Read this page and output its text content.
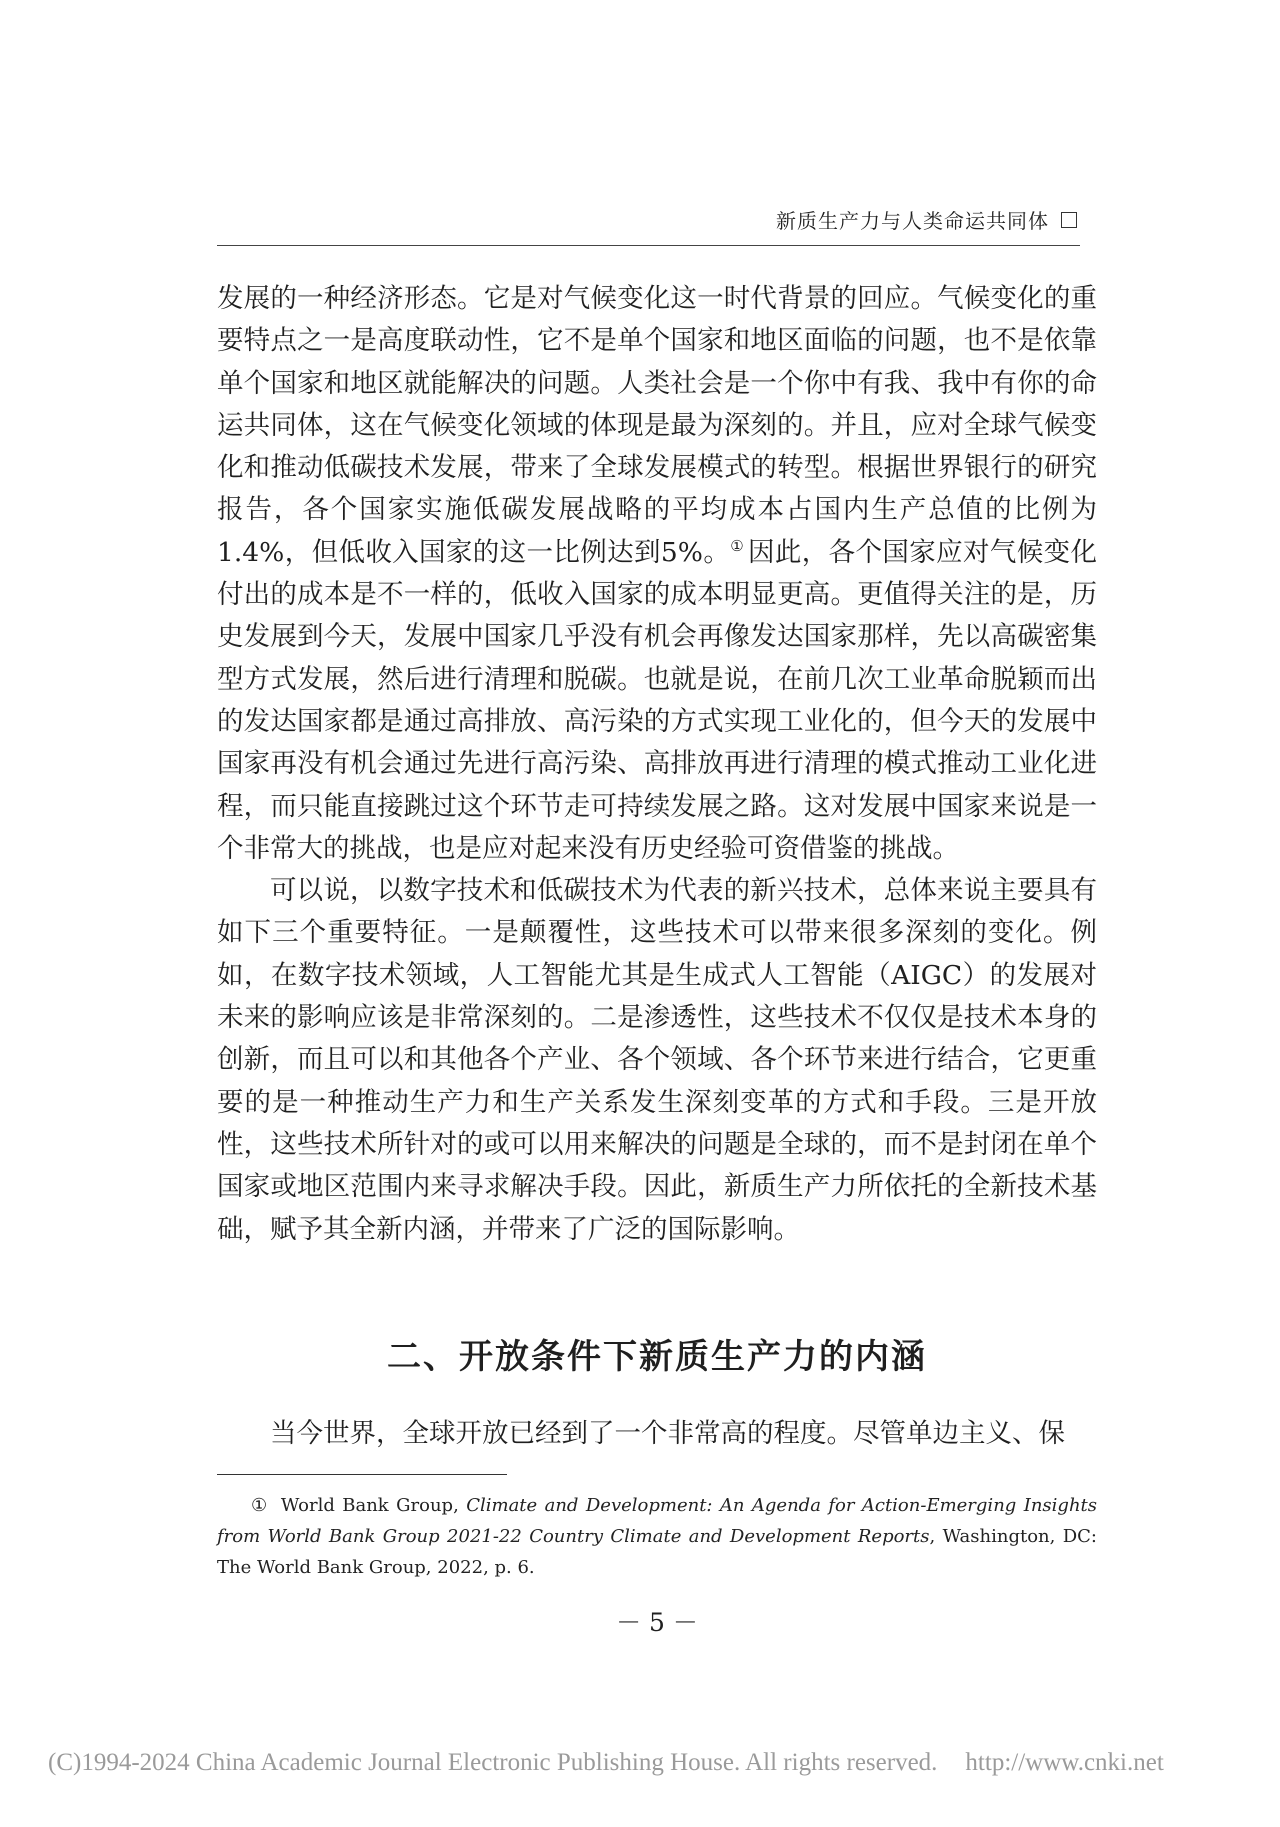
新质生产力与人类命运共同体

发展的一种经济形态。它是对气候变化这一时代背景的回应。气候变化的重要特点之一是高度联动性，它不是单个国家和地区面临的问题，也不是依靠单个国家和地区就能解决的问题。人类社会是一个你中有我、我中有你的命运共同体，这在气候变化领域的体现是最为深刻的。并且，应对全球气候变化和推动低碳技术发展，带来了全球发展模式的转型。根据世界银行的研究报告，各个国家实施低碳发展战略的平均成本占国内生产总值的比例为1.4%，但低收入国家的这一比例达到5%。① 因此，各个国家应对气候变化付出的成本是不一样的，低收入国家的成本明显更高。更值得关注的是，历史发展到今天，发展中国家几乎没有机会再像发达国家那样，先以高碳密集型方式发展，然后进行清理和脱碳。也就是说，在前几次工业革命脱颖而出的发达国家都是通过高排放、高污染的方式实现工业化的，但今天的发展中国家再没有机会通过先进行高污染、高排放再进行清理的模式推动工业化进程，而只能直接跳过这个环节走可持续发展之路。这对发展中国家来说是一个非常大的挑战，也是应对起来没有历史经验可资借鉴的挑战。

可以说，以数字技术和低碳技术为代表的新兴技术，总体来说主要具有如下三个重要特征。一是颠覆性，这些技术可以带来很多深刻的变化。例如，在数字技术领域，人工智能尤其是生成式人工智能（AIGC）的发展对未来的影响应该是非常深刻的。二是渗透性，这些技术不仅仅是技术本身的创新，而且可以和其他各个产业、各个领域、各个环节来进行结合，它更重要的是一种推动生产力和生产关系发生深刻变革的方式和手段。三是开放性，这些技术所针对的或可以用来解决的问题是全球的，而不是封闭在单个国家或地区范围内来寻求解决手段。因此，新质生产力所依托的全新技术基础，赋予其全新内涵，并带来了广泛的国际影响。

二、开放条件下新质生产力的内涵

当今世界，全球开放已经到了一个非常高的程度。尽管单边主义、保

① World Bank Group, Climate and Development: An Agenda for Action-Emerging Insights from World Bank Group 2021-22 Country Climate and Development Reports, Washington, DC: The World Bank Group, 2022, p. 6.

－ 5 －

(C)1994-2024 China Academic Journal Electronic Publishing House. All rights reserved. http://www.cnki.net
